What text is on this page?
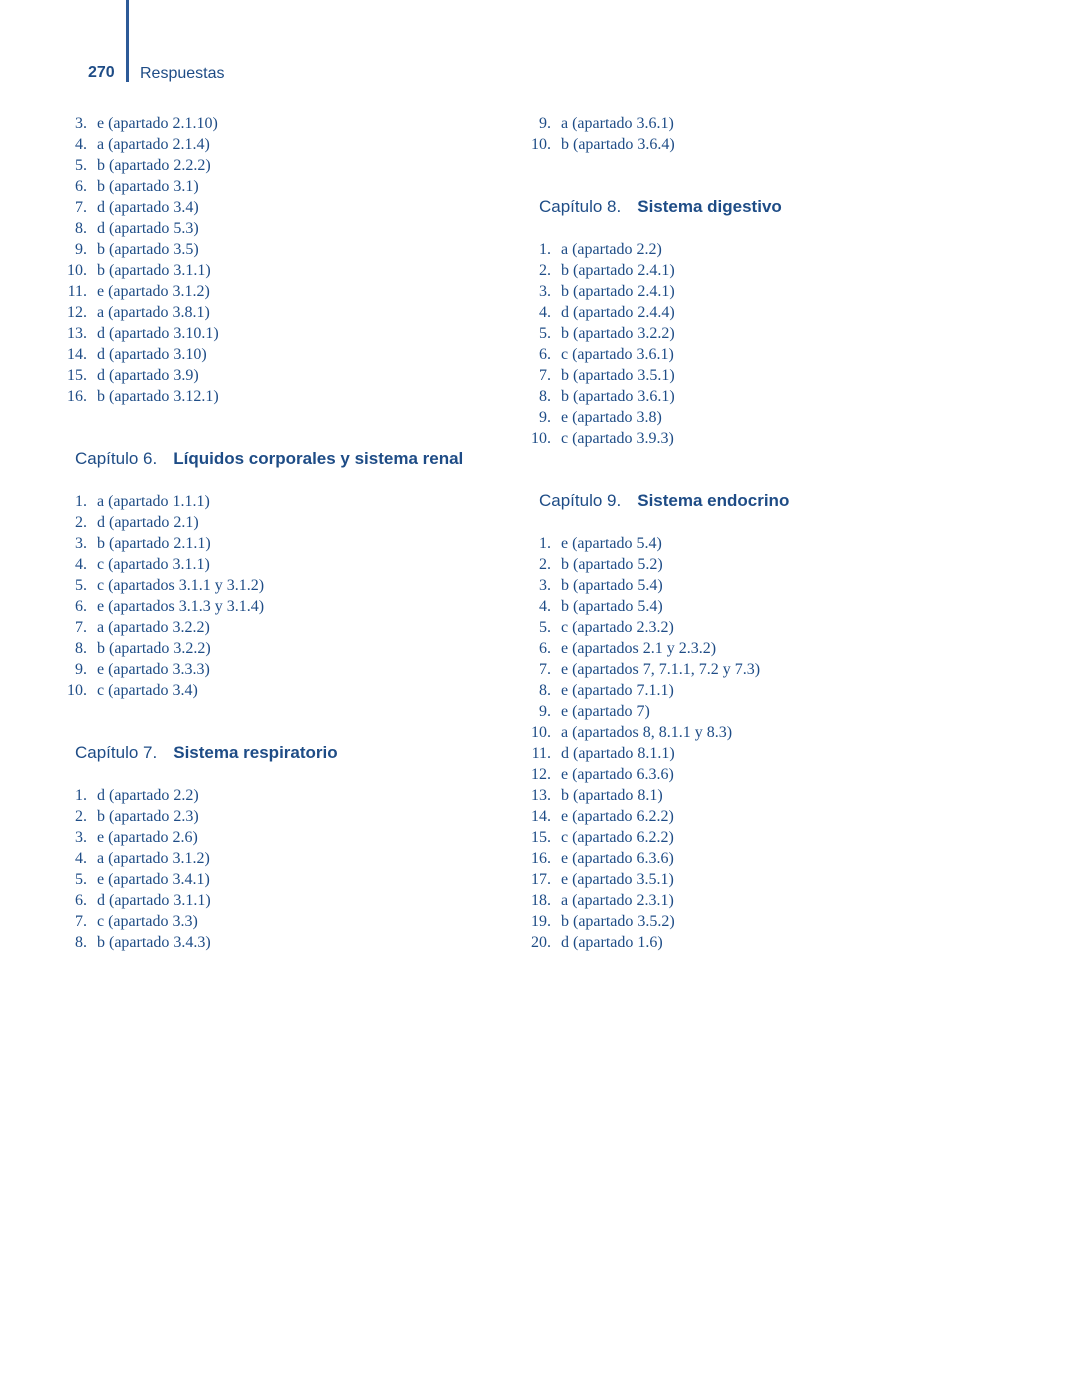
270 Respuestas
3. e (apartado 2.1.10)
4. a (apartado 2.1.4)
5. b (apartado 2.2.2)
6. b (apartado 3.1)
7. d (apartado 3.4)
8. d (apartado 5.3)
9. b (apartado 3.5)
10. b (apartado 3.1.1)
11. e (apartado 3.1.2)
12. a (apartado 3.8.1)
13. d (apartado 3.10.1)
14. d (apartado 3.10)
15. d (apartado 3.9)
16. b (apartado 3.12.1)
Capítulo 6. Líquidos corporales y sistema renal
1. a (apartado 1.1.1)
2. d (apartado 2.1)
3. b (apartado 2.1.1)
4. c (apartado 3.1.1)
5. c (apartados 3.1.1 y 3.1.2)
6. e (apartados 3.1.3 y 3.1.4)
7. a (apartado 3.2.2)
8. b (apartado 3.2.2)
9. e (apartado 3.3.3)
10. c (apartado 3.4)
Capítulo 7. Sistema respiratorio
1. d (apartado 2.2)
2. b (apartado 2.3)
3. e (apartado 2.6)
4. a (apartado 3.1.2)
5. e (apartado 3.4.1)
6. d (apartado 3.1.1)
7. c (apartado 3.3)
8. b (apartado 3.4.3)
9. a (apartado 3.6.1)
10. b (apartado 3.6.4)
Capítulo 8. Sistema digestivo
1. a (apartado 2.2)
2. b (apartado 2.4.1)
3. b (apartado 2.4.1)
4. d (apartado 2.4.4)
5. b (apartado 3.2.2)
6. c (apartado 3.6.1)
7. b (apartado 3.5.1)
8. b (apartado 3.6.1)
9. e (apartado 3.8)
10. c (apartado 3.9.3)
Capítulo 9. Sistema endocrino
1. e (apartado 5.4)
2. b (apartado 5.2)
3. b (apartado 5.4)
4. b (apartado 5.4)
5. c (apartado 2.3.2)
6. e (apartados 2.1 y 2.3.2)
7. e (apartados 7, 7.1.1, 7.2 y 7.3)
8. e (apartado 7.1.1)
9. e (apartado 7)
10. a (apartados 8, 8.1.1 y 8.3)
11. d (apartado 8.1.1)
12. e (apartado 6.3.6)
13. b (apartado 8.1)
14. e (apartado 6.2.2)
15. c (apartado 6.2.2)
16. e (apartado 6.3.6)
17. e (apartado 3.5.1)
18. a (apartado 2.3.1)
19. b (apartado 3.5.2)
20. d (apartado 1.6)
